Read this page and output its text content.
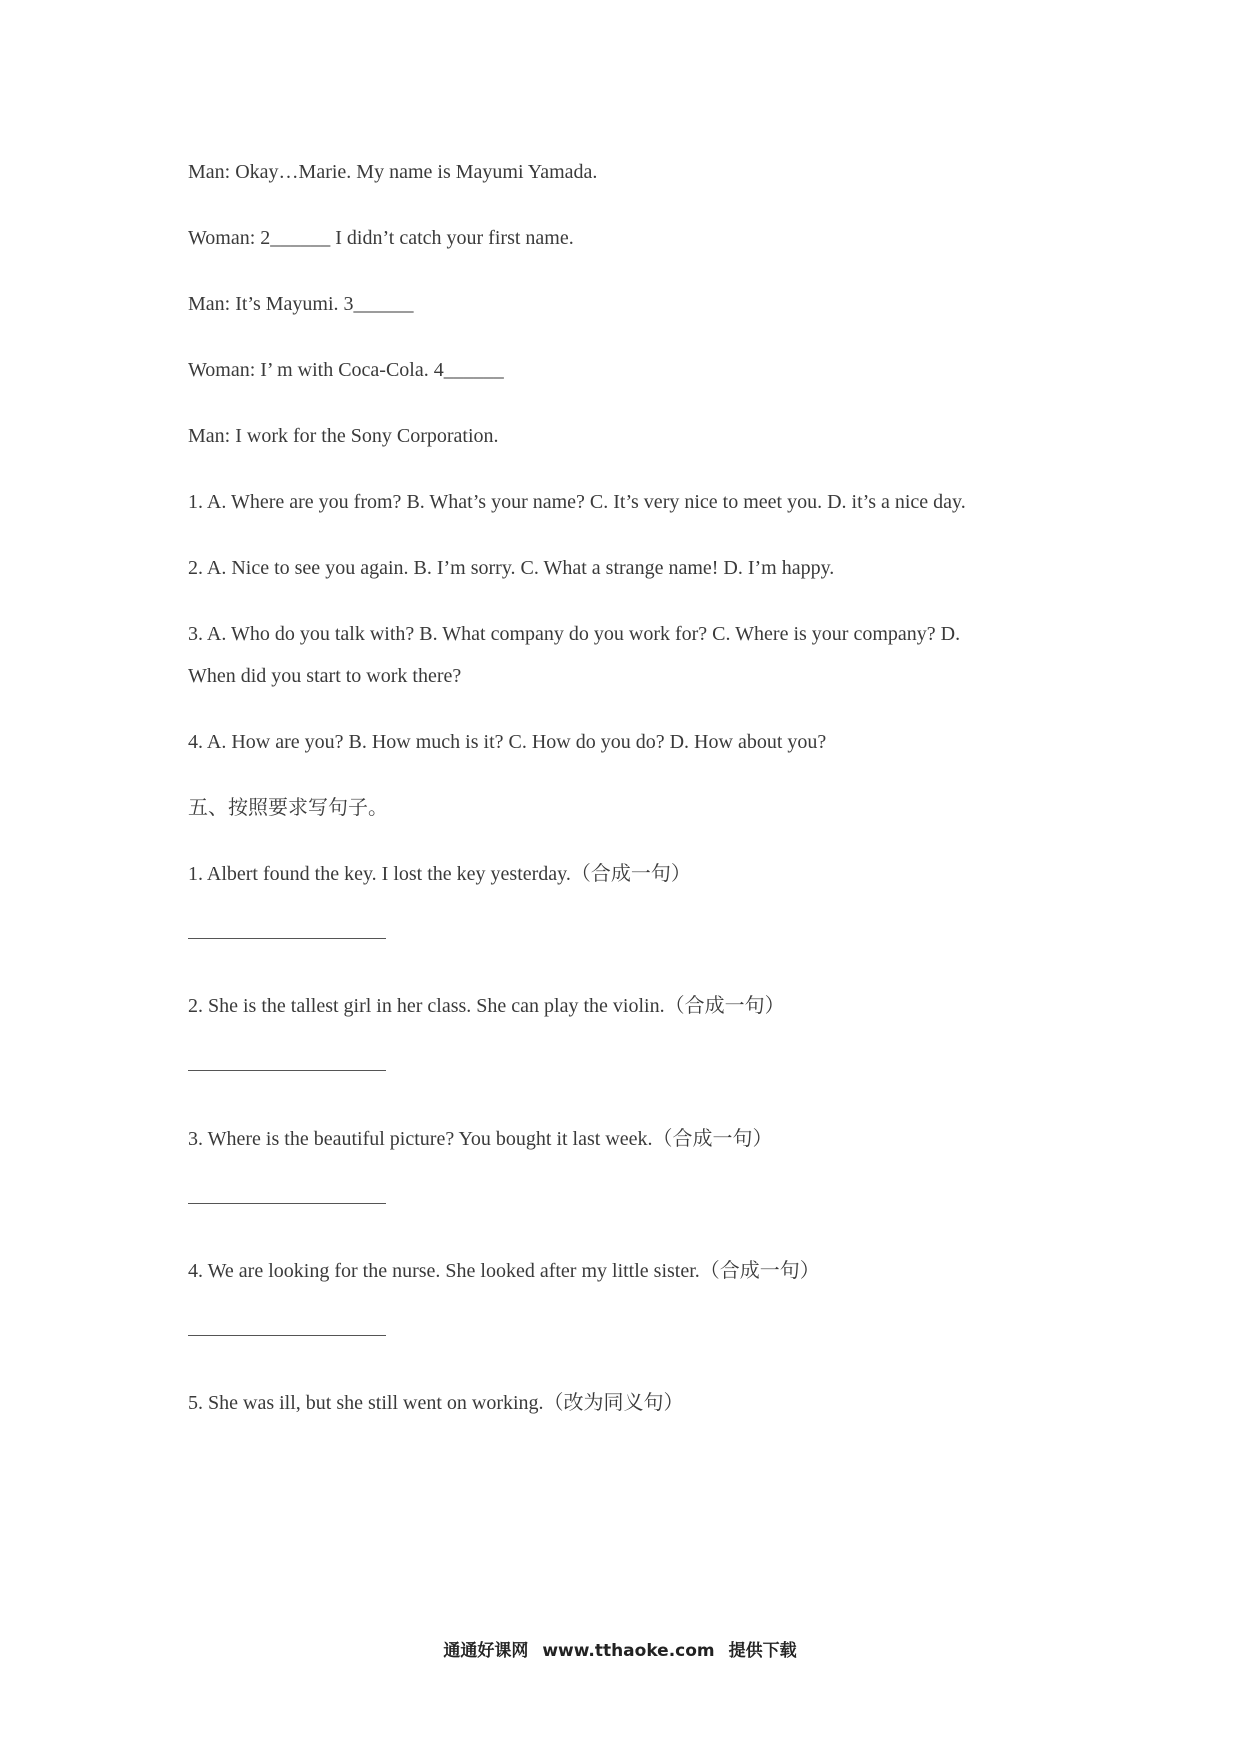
Man: Okay…Marie. My name is Mayumi Yamada.
Woman: 2______ I didn’t catch your first name.
Man: It’s Mayumi. 3______
Woman: I’ m with Coca-Cola. 4______
Man: I work for the Sony Corporation.
1. A. Where are you from? B. What’s your name? C. It’s very nice to meet you. D. it’s a nice day.
2. A. Nice to see you again. B. I’m sorry. C. What a strange name! D. I’m happy.
3. A. Who do you talk with? B. What company do you work for? C. Where is your company? D.
When did you start to work there?
4. A. How are you? B. How much is it? C. How do you do? D. How about you?
五、按照要求写句子。
1. Albert found the key. I lost the key yesterday.（合成一句）
2. She is the tallest girl in her class. She can play the violin.（合成一句）
3. Where is the beautiful picture? You bought it last week.（合成一句）
4. We are looking for the nurse. She looked after my little sister.（合成一句）
5. She was ill, but she still went on working.（改为同义句）
通通好课网 www.tthaoke.com 提供下载
